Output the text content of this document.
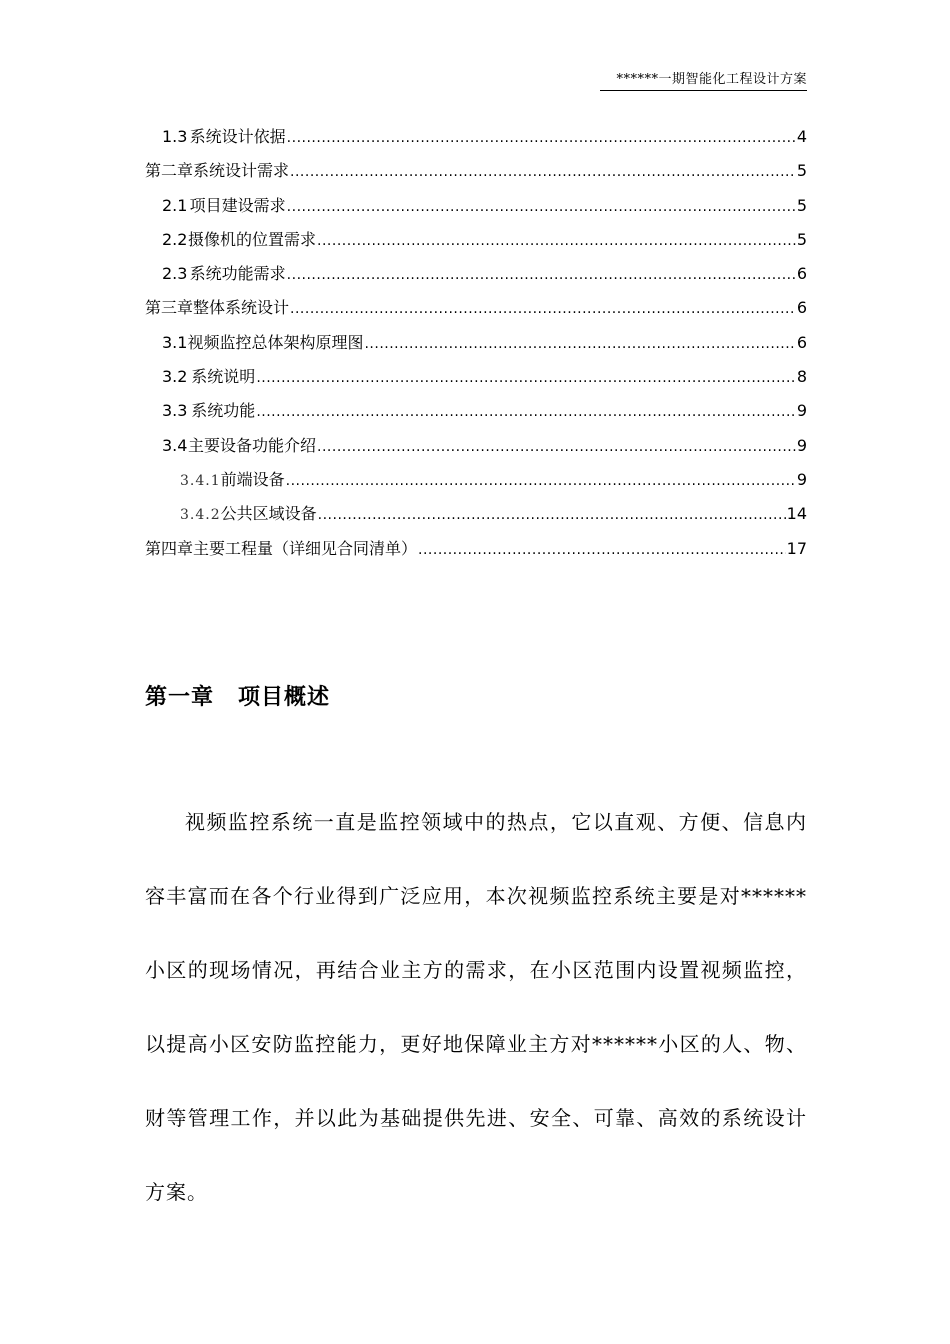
******一期智能化工程设计方案
1.3 系统设计依据 .....	4
第二章 系统设计需求 .....	5
2.1 项目建设需求 .....	5
2.2 摄像机的位置需求 .....	5
2.3 系统功能需求 .....	6
第三章 整体系统设计 .....	6
3.1 视频监控总体架构原理图 .....	6
3.2 系统说明 .....	8
3.3 系统功能 .....	9
3.4 主要设备功能介绍 .....	9
3.4.1 前端设备 .....	9
3.4.2 公共区域设备 .....	14
第四章 主要工程量（详细见合同清单） .....	17
第一章 项目概述

视频监控系统一直是监控领域中的热点，它以直观、方便、信息内容丰富而在各个行业得到广泛应用，本次视频监控系统主要是对******小区的现场情况，再结合业主方的需求，在小区范围内设置视频监控，以提高小区安防监控能力，更好地保障业主方对******小区的人、物、财等管理工作，并以此为基础提供先进、安全、可靠、高效的系统设计方案。
